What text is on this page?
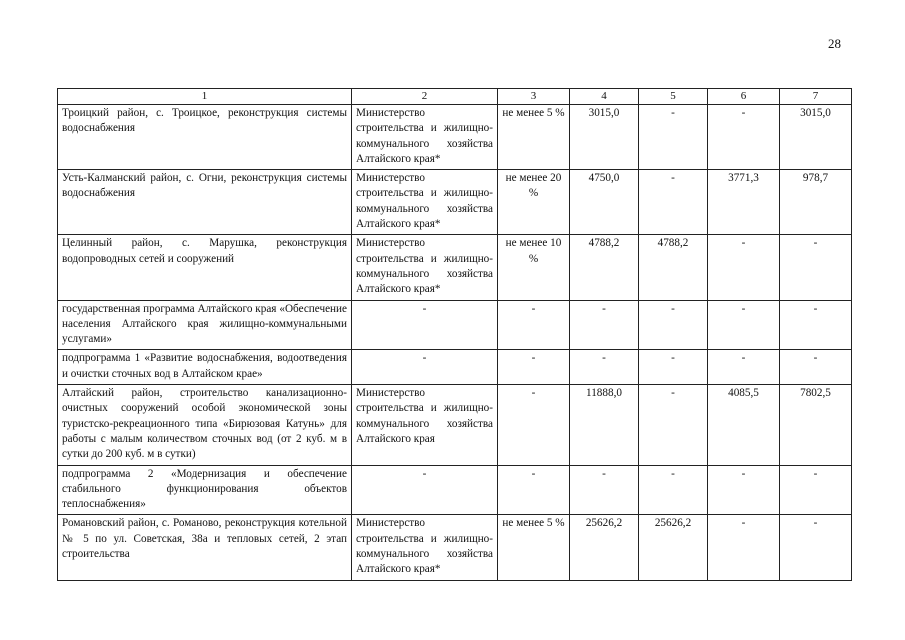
28
1	2	3	4	5	6	7
Троицкий район, с. Троицкое, реконструкция системы водоснабжения	Министерство строительства и жилищно-коммунального хозяйства Алтайского края*	не менее 5 %	3015,0	-	-	3015,0
Усть-Калманский район, с. Огни, реконструкция системы водоснабжения	Министерство строительства и жилищно-коммунального хозяйства Алтайского края*	не менее 20 %	4750,0	-	3771,3	978,7
Целинный район, с. Марушка, реконструкция водопроводных сетей и сооружений	Министерство строительства и жилищно-коммунального хозяйства Алтайского края*	не менее 10 %	4788,2	4788,2	-	-
государственная программа Алтайского края «Обеспечение населения Алтайского края жилищно-коммунальными услугами»	-	-	-	-	-	-
подпрограмма 1 «Развитие водоснабжения, водоотведения и очистки сточных вод в Алтайском крае»	-	-	-	-	-	-
Алтайский район, строительство канализационно-очистных сооружений особой экономической зоны туристско-рекреационного типа «Бирюзовая Катунь» для работы с малым количеством сточных вод (от 2 куб. м в сутки до 200 куб. м в сутки)	Министерство строительства и жилищно-коммунального хозяйства Алтайского края	-	11888,0	-	4085,5	7802,5
подпрограмма 2 «Модернизация и обеспечение стабильного функционирования объектов теплоснабжения»	-	-	-	-	-	-
Романовский район, с. Романово, реконструкция котельной № 5 по ул. Советская, 38а и тепловых сетей, 2 этап строительства	Министерство строительства и жилищно-коммунального хозяйства Алтайского края*	не менее 5 %	25626,2	25626,2	-	-
